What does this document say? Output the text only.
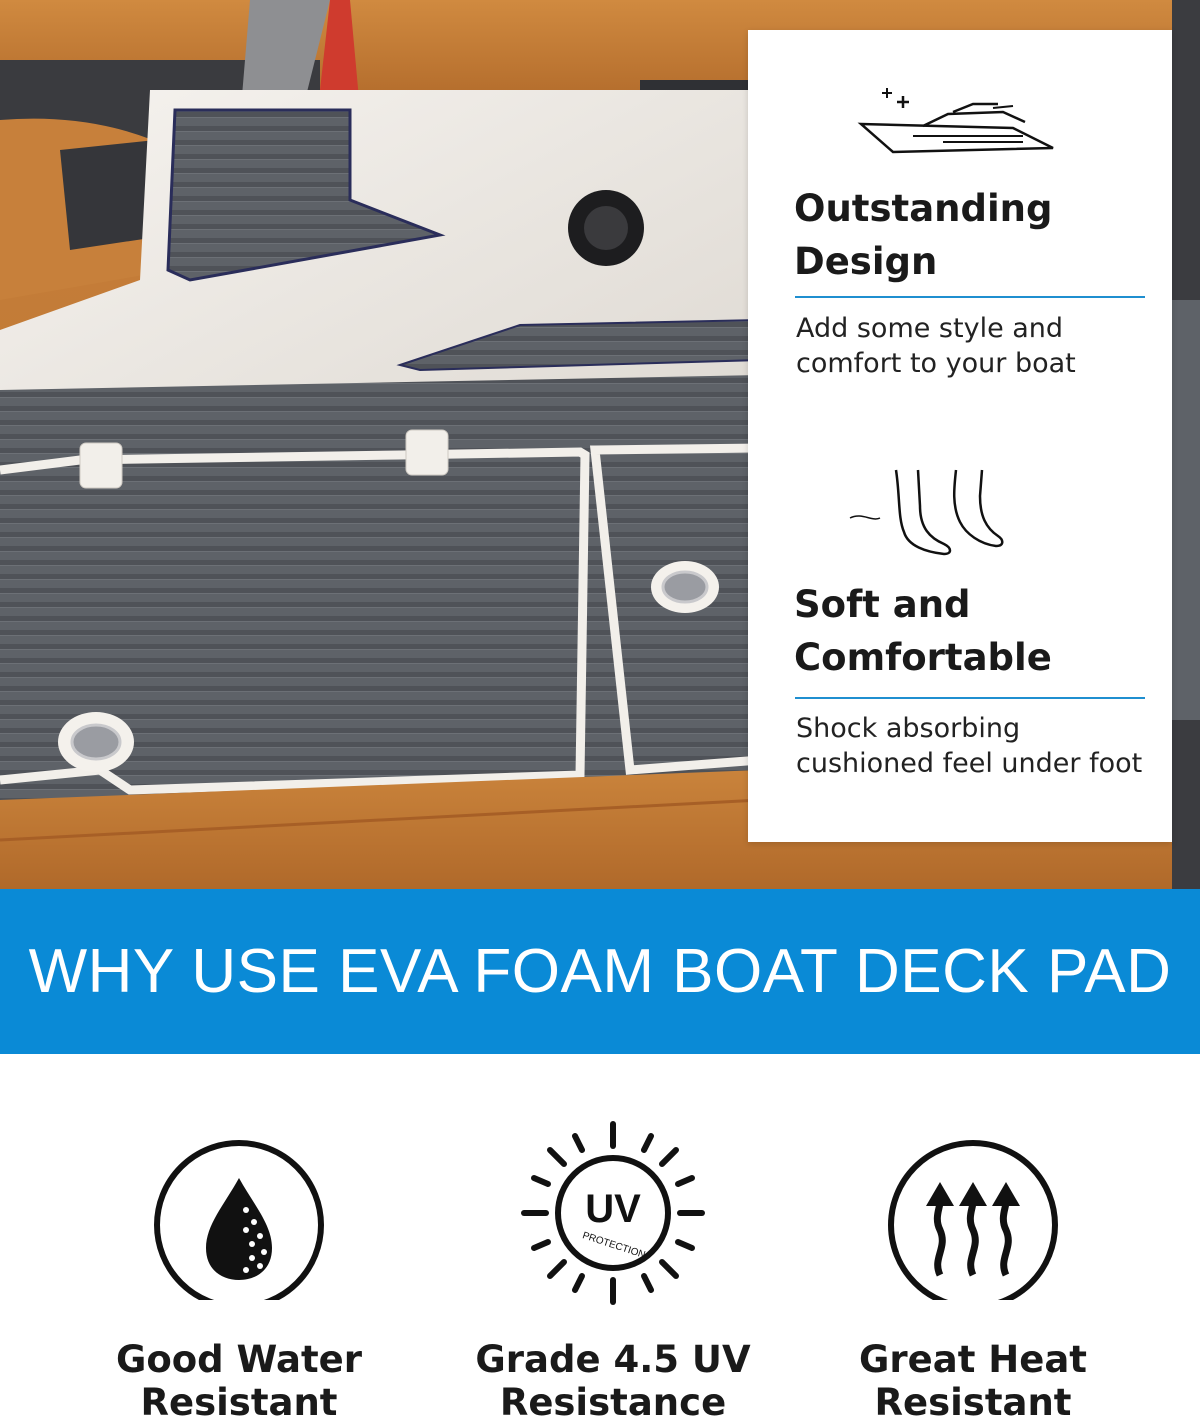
Outstanding
Design
Add some style and
comfort to your boat
Soft and
Comfortable
Shock absorbing
cushioned feel under foot
WHY USE EVA FOAM BOAT DECK PAD
Good Water
Resistant
UV
PROTECTION
Grade 4.5 UV
Resistance
Great Heat
Resistant
